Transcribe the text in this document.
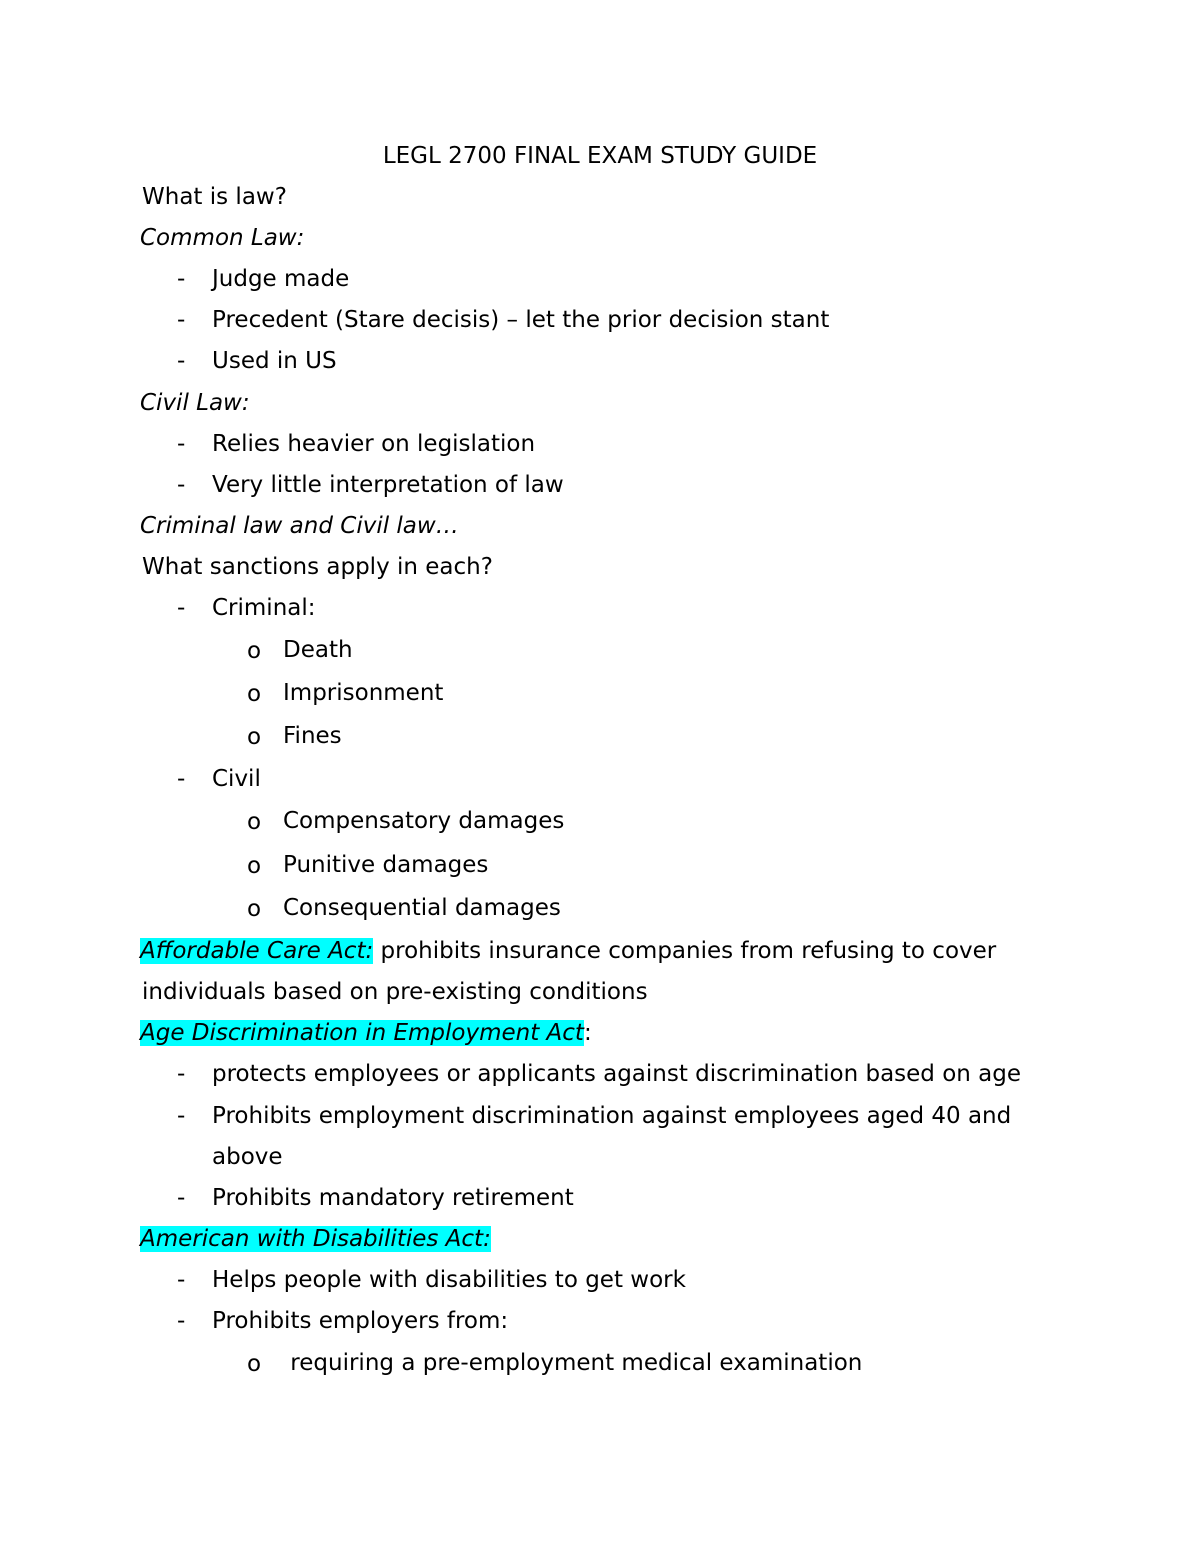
LEGL 2700 FINAL EXAM STUDY GUIDE
What is law?
Common Law:
- Judge made
- Precedent (Stare decisis) – let the prior decision stant
- Used in US
Civil Law:
- Relies heavier on legislation
- Very little interpretation of law
Criminal law and Civil law…
What sanctions apply in each?
- Criminal:
o Death
o Imprisonment
o Fines
- Civil
o Compensatory damages
o Punitive damages
o Consequential damages
Affordable Care Act: prohibits insurance companies from refusing to cover
individuals based on pre-existing conditions
Age Discrimination in Employment Act:
- protects employees or applicants against discrimination based on age
- Prohibits employment discrimination against employees aged 40 and
above
- Prohibits mandatory retirement
American with Disabilities Act:
- Helps people with disabilities to get work
- Prohibits employers from:
o requiring a pre-employment medical examination
